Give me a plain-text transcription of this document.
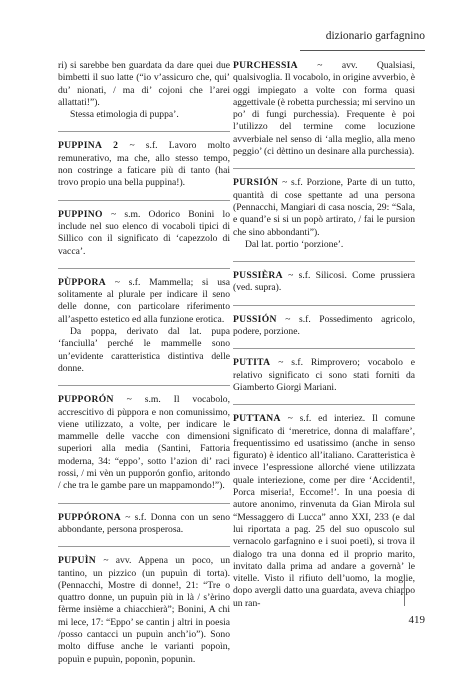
dizionario garfagnino

ri) si sarebbe ben guardata da dare quei due bimbetti il suo latte (“io v’assicuro che, qui’ du’ nionati, / ma di’ cojoni che l’arei allattati!”).

Stessa etimologia di puppa’.

PUPPINA 2 ~ s.f. Lavoro molto remunerativo, ma che, allo stesso tempo, non costringe a faticare più di tanto (hai trovo propio una bella puppina!).

PUPPINO ~ s.m. Odorico Bonini lo include nel suo elenco di vocaboli tipici di Sillico con il significato di ‘capezzolo di vacca’.

PÙPPORA ~ s.f. Mammella; si usa solitamente al plurale per indicare il seno delle donne, con particolare riferimento all’aspetto estetico ed alla funzione erotica.

Da poppa, derivato dal lat. pupa ‘fanciulla’ perché le mammelle sono un’evidente caratteristica distintiva delle donne.

PUPPORÓN ~ s.m. Il vocabolo, accrescitivo di pùppora e non comunissimo, viene utilizzato, a volte, per indicare le mammelle delle vacche con dimensioni superiori alla media (Santini, Fattoria moderna, 34: “eppo’, sotto l’azion di’ raci rossi, / mi vèn un pupporón gonfio, aritondo / che tra le gambe pare un mappamondo!”).

PUPPÓRONA ~ s.f. Donna con un seno abbondante, persona prosperosa.

PUPUÌN ~ avv. Appena un poco, un tantino, un pizzico (un pupuìn di torta). (Pennacchi, Mostre di donne!, 21: “Tre o quattro donne, un pupuìn più in là / s’èrino fèrme insième a chiacchierà”; Bonini, A chi mi lece, 17: “Eppo’ se cantin j altri in poesia /posso cantacci un pupuìn anch’io”). Sono molto diffuse anche le varianti popoìn, popuìn e pupuìn, poponìn, popunìn.

PURCHESSIA ~ avv. Qualsiasi, qualsivoglia. Il vocabolo, in origine avverbio, è oggi impiegato a volte con forma quasi aggettivale (è robetta purchessia; mi servino un po’ di fungi purchessia). Frequente è poi l’utilizzo del termine come locuzione avverbiale nel senso di ‘alla meglio, alla meno peggio’ (ci dèttino un desinare alla purchessia).

PURSIÓN ~ s.f. Porzione, Parte di un tutto, quantità di cose spettante ad una persona (Pennacchi, Mangiari di casa noscia, 29: “Sala, e quand’e si si un popò artirato, / fai le pursion che sino abbondanti”).

Dal lat. portio ‘porzione’.

PUSSIÈRA ~ s.f. Silicosi. Come prussiera (ved. supra).

PUSSIÓN ~ s.f. Possedimento agricolo, podere, porzione.

PUTITA ~ s.f. Rimprovero; vocabolo e relativo significato ci sono stati forniti da Giamberto Giorgi Mariani.

PUTTANA ~ s.f. ed interiez. Il comune significato di ‘meretrice, donna di malaffare’, frequentissimo ed usatissimo (anche in senso figurato) è identico all’italiano. Caratteristica è invece l’espressione allorché viene utilizzata quale interiezione, come per dire ‘Accidenti!, Porca miseria!, Eccome!’. In una poesia di autore anonimo, rinvenuta da Gian Mirola sul “Messaggero di Lucca” anno XXI, 233 (e dal lui riportata a pag. 25 del suo opuscolo sul vernacolo garfagnino e i suoi poeti), si trova il dialogo tra una donna ed il proprio marito, invitato dalla prima ad andare a governà’ le vitelle. Visto il rifiuto dell’uomo, la moglie, dopo avergli datto una guardata, aveva chiappo un ran-

419
